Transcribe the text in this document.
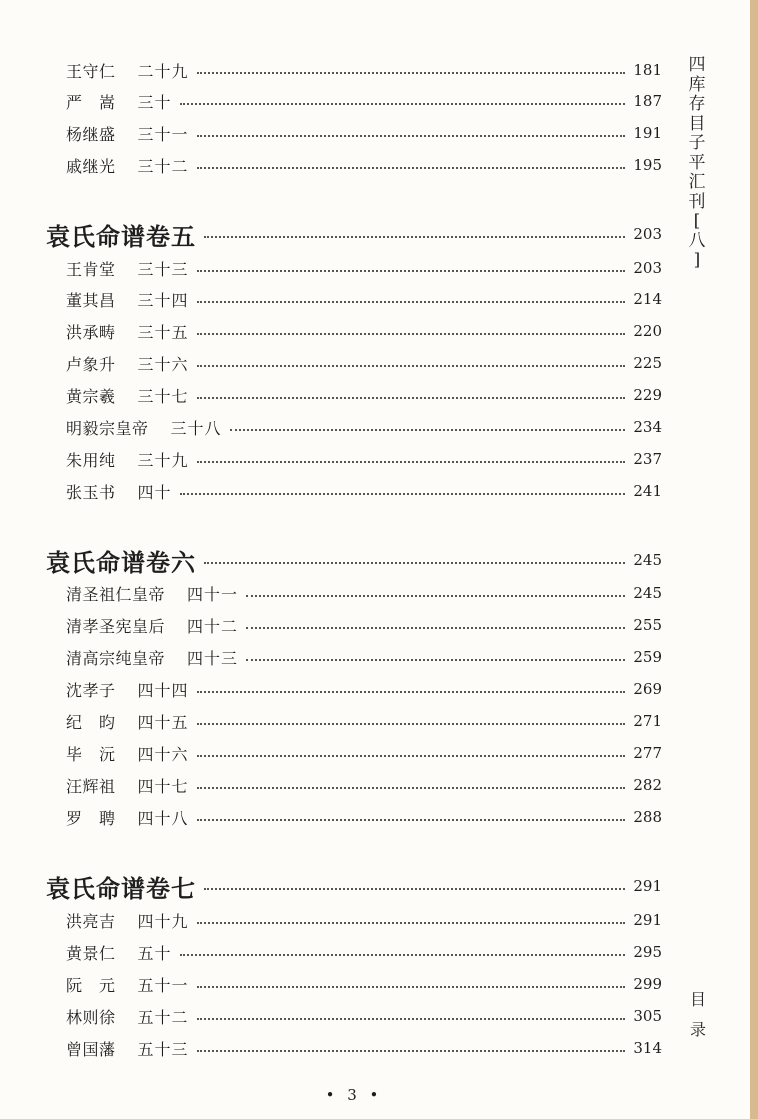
王守仁 二十九	181
严　嵩 三十	187
杨继盛 三十一	191
戚继光 三十二	195
袁氏命谱卷五	203
王肯堂 三十三	203
董其昌 三十四	214
洪承畴 三十五	220
卢象升 三十六	225
黄宗羲 三十七	229
明毅宗皇帝 三十八	234
朱用纯 三十九	237
张玉书 四十	241
袁氏命谱卷六	245
清圣祖仁皇帝 四十一	245
清孝圣宪皇后 四十二	255
清高宗纯皇帝 四十三	259
沈孝子 四十四	269
纪　昀 四十五	271
毕　沅 四十六	277
汪辉祖 四十七	282
罗　聘 四十八	288
袁氏命谱卷七	291
洪亮吉 四十九	291
黄景仁 五十	295
阮　元 五十一	299
林则徐 五十二	305
曾国藩 五十三	314
四
库
存
目
子
平
汇
刊
[
八
]
目
录
• 3 •
